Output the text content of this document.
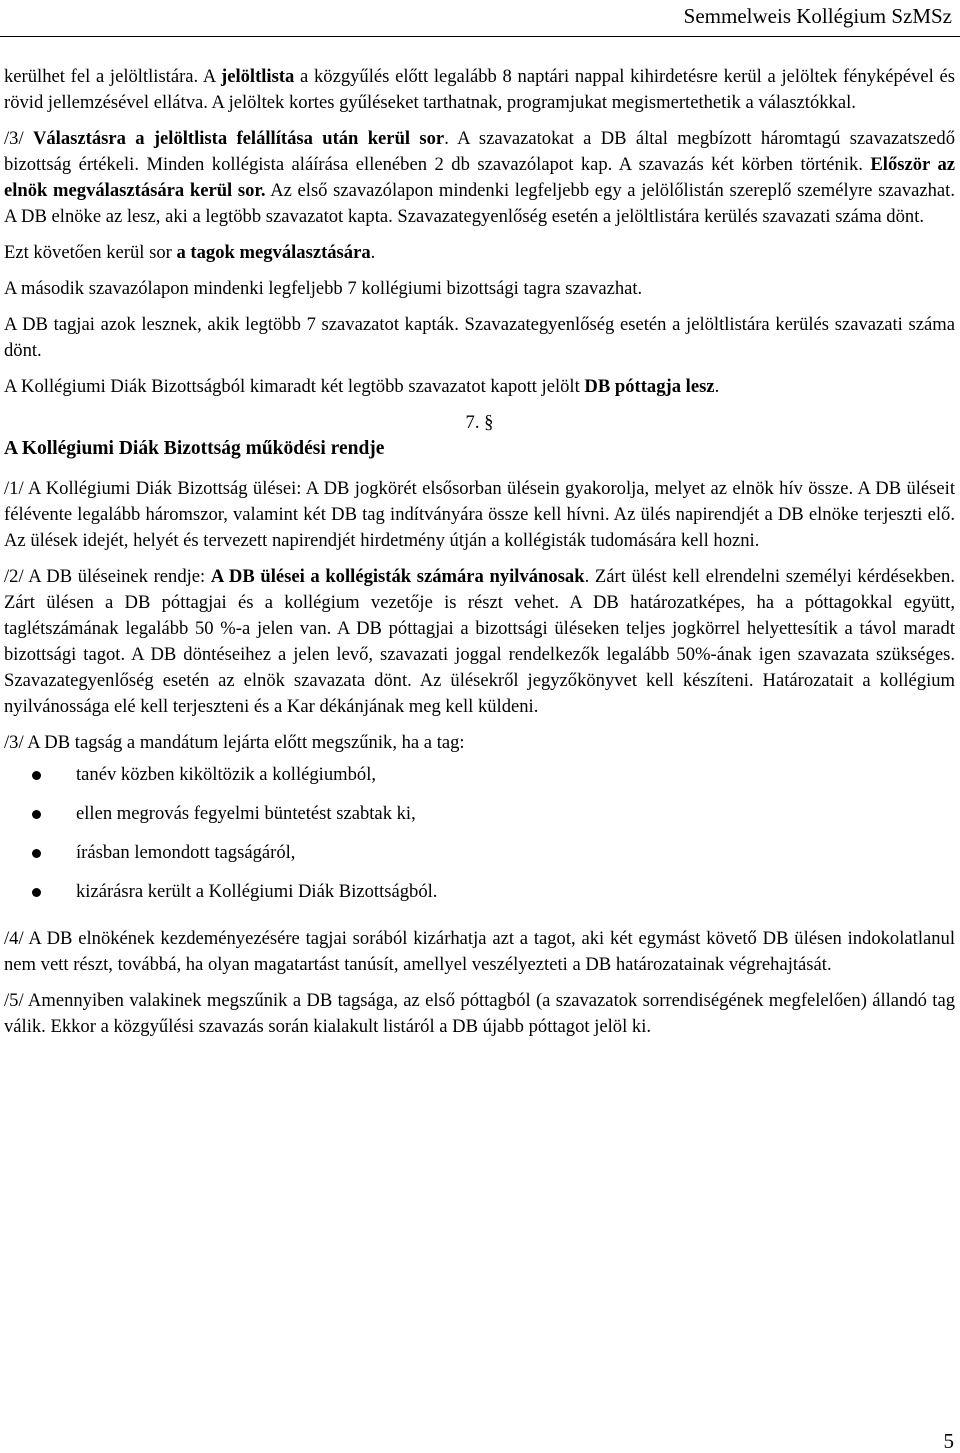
Semmelweis Kollégium SzMSz

kerülhet fel a jelöltlistára. A jelöltlista a közgyűlés előtt legalább 8 naptári nappal kihirdetésre kerül a jelöltek fényképével és rövid jellemzésével ellátva. A jelöltek kortes gyűléseket tarthatnak, programjukat megismertethetik a választókkal.

/3/ Választásra a jelöltlista felállítása után kerül sor. A szavazatokat a DB által megbízott háromtagú szavazatszedő bizottság értékeli. Minden kollégista aláírása ellenében 2 db szavazólapot kap. A szavazás két körben történik. Először az elnök megválasztására kerül sor. Az első szavazólapon mindenki legfeljebb egy a jelölőlistán szereplő személyre szavazhat. A DB elnöke az lesz, aki a legtöbb szavazatot kapta. Szavazategyenlőség esetén a jelöltlistára kerülés szavazati száma dönt.

Ezt követően kerül sor a tagok megválasztására.

A második szavazólapon mindenki legfeljebb 7 kollégiumi bizottsági tagra szavazhat.

A DB tagjai azok lesznek, akik legtöbb 7 szavazatot kapták. Szavazategyenlőség esetén a jelöltlistára kerülés szavazati száma dönt.

A Kollégiumi Diák Bizottságból kimaradt két legtöbb szavazatot kapott jelölt DB póttagja lesz.

7. §
A Kollégiumi Diák Bizottság működési rendje

/1/ A Kollégiumi Diák Bizottság ülései: A DB jogkörét elsősorban ülésein gyakorolja, melyet az elnök hív össze. A DB üléseit félévente legalább háromszor, valamint két DB tag indítványára össze kell hívni. Az ülés napirendjét a DB elnöke terjeszti elő. Az ülések idejét, helyét és tervezett napirendjét hirdetmény útján a kollégisták tudomására kell hozni.

/2/ A DB üléseinek rendje: A DB ülései a kollégisták számára nyilvánosak. Zárt ülést kell elrendelni személyi kérdésekben. Zárt ülésen a DB póttagjai és a kollégium vezetője is részt vehet. A DB határozatképes, ha a póttagokkal együtt, taglétszámának legalább 50 %-a jelen van. A DB póttagjai a bizottsági üléseken teljes jogkörrel helyettesítik a távol maradt bizottsági tagot. A DB döntéseihez a jelen levő, szavazati joggal rendelkezők legalább 50%-ának igen szavazata szükséges. Szavazategyenlőség esetén az elnök szavazata dönt. Az ülésekről jegyzőkönyvet kell készíteni. Határozatait a kollégium nyilvánossága elé kell terjeszteni és a Kar dékánjának meg kell küldeni.

/3/ A DB tagság a mandátum lejárta előtt megszűnik, ha a tag:

tanév közben kiköltözik a kollégiumból,
ellen megrovás fegyelmi büntetést szabtak ki,
írásban lemondott tagságáról,
kizárásra került a Kollégiumi Diák Bizottságból.

/4/ A DB elnökének kezdeményezésére tagjai sorából kizárhatja azt a tagot, aki két egymást követő DB ülésen indokolatlanul nem vett részt, továbbá, ha olyan magatartást tanúsít, amellyel veszélyezteti a DB határozatainak végrehajtását.

/5/ Amennyiben valakinek megszűnik a DB tagsága, az első póttagból (a szavazatok sorrendiségének megfelelően) állandó tag válik. Ekkor a közgyűlési szavazás során kialakult listáról a DB újabb póttagot jelöl ki.

5
